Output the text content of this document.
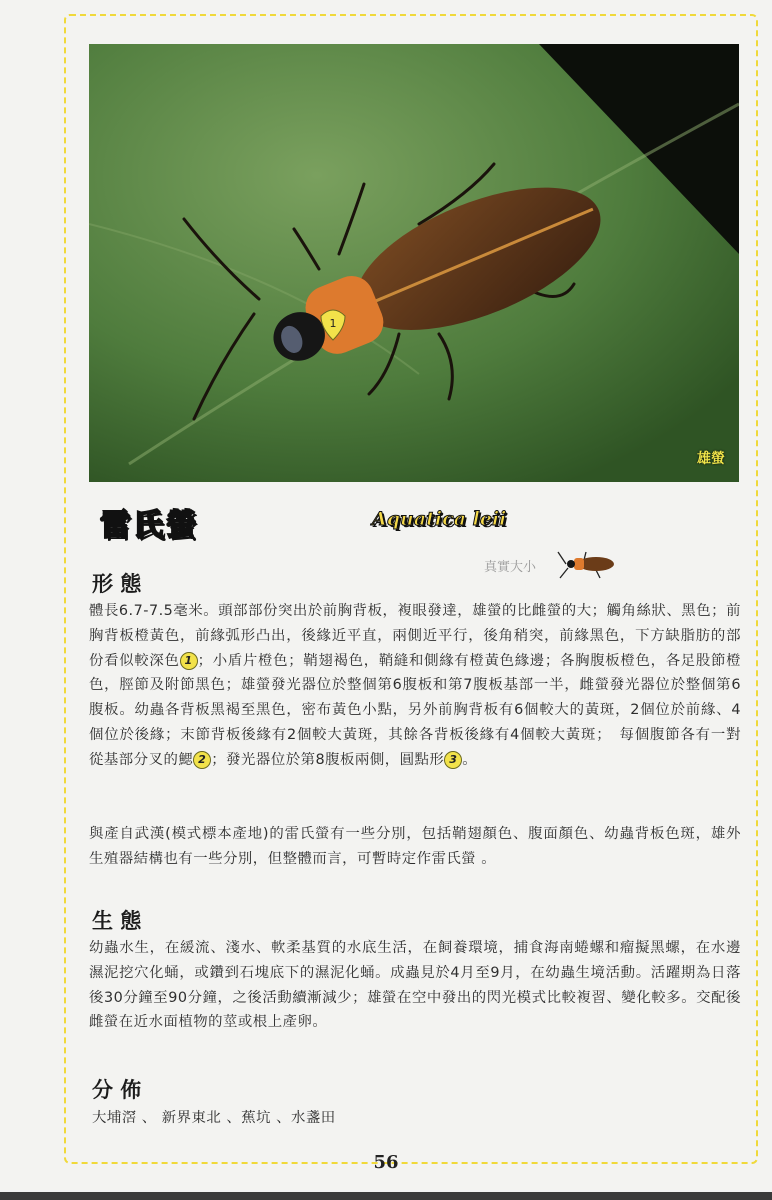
1
雄螢
雷氏螢	Aquatica leii
真實大小
形 態

體長6.7-7.5毫米。頭部部份突出於前胸背板，複眼發達，雄螢的比雌螢的大；觸角絲狀、黑色；前胸背板橙黃色，前緣弧形凸出，後緣近平直，兩側近平行，後角稍突，前緣黑色，下方缺脂肪的部份看似較深色 1 ；小盾片橙色；鞘翅褐色，鞘縫和側緣有橙黃色緣邊；各胸腹板橙色，各足股節橙色，脛節及附節黑色；雄螢發光器位於整個第6腹板和第7腹板基部一半，雌螢發光器位於整個第6腹板。幼蟲各背板黑褐至黑色，密布黃色小點，另外前胸背板有6個較大的黃斑，2個位於前緣、4個位於後緣；末節背板後緣有2個較大黃斑，其餘各背板後緣有4個較大黃斑；　每個腹節各有一對從基部分叉的鰓 2 ；發光器位於第8腹板兩側，圓點形 3 。

與產自武漢(模式標本產地)的雷氏螢有一些分別，包括鞘翅顏色、腹面顏色、幼蟲背板色斑，雄外生殖器結構也有一些分別，但整體而言，可暫時定作雷氏螢 。

生 態

幼蟲水生，在緩流、淺水、軟柔基質的水底生活，在飼養環境，捕食海南蜷螺和瘤擬黑螺，在水邊濕泥挖穴化蛹，或鑽到石塊底下的濕泥化蛹。成蟲見於4月至9月，在幼蟲生境活動。活躍期為日落後30分鐘至90分鐘，之後活動續漸減少；雄螢在空中發出的閃光模式比較複習、變化較多。交配後雌螢在近水面植物的莖或根上產卵。

分 佈
大埔滘 、 新界東北 、蕉坑 、水盞田
56
